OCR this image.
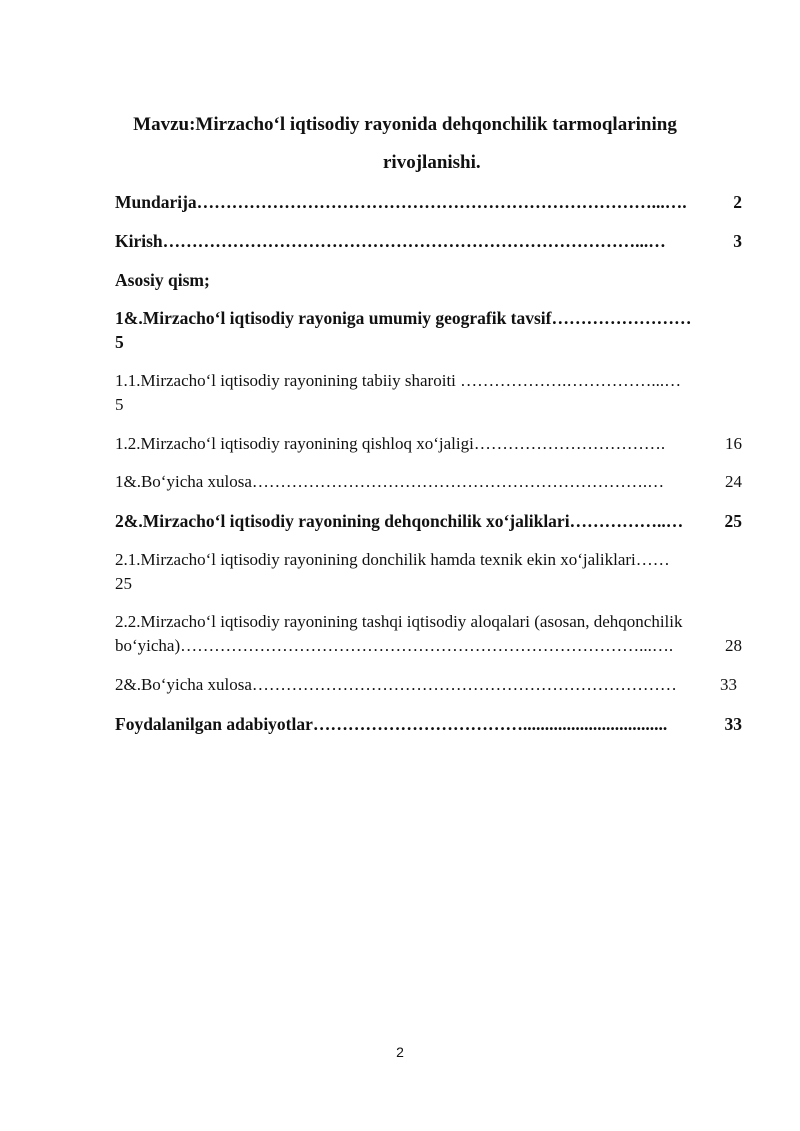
Mavzu:Mirzacho‘l iqtisodiy rayonida dehqonchilik tarmoqlarining
rivojlanishi.
Mundarija……………………………………………………………………...….	2
Kirish………………………………………………………………………...…	3
Asosiy qism;
1&.Mirzacho‘l iqtisodiy rayoniga umumiy geografik tavsif……………………
5
1.1.Mirzacho‘l iqtisodiy rayonining tabiiy sharoiti ……………….……………...…
5
1.2.Mirzacho‘l iqtisodiy rayonining qishloq xo‘jaligi…………………………….	16
1&.Bo‘yicha xulosa…………………………………………………………….…	24
2&.Mirzacho‘l iqtisodiy rayonining dehqonchilik xo‘jaliklari……………..… 25
2.1.Mirzacho‘l iqtisodiy rayonining donchilik hamda texnik ekin xo‘jaliklari……
25
2.2.Mirzacho‘l iqtisodiy rayonining tashqi iqtisodiy aloqalari (asosan, dehqonchilik
bo‘yicha)………………………………………………………………………...….	28
2&.Bo‘yicha xulosa…………………………………………………………………	33
Foydalanilgan adabiyotlar……………………………….................................	33
2
